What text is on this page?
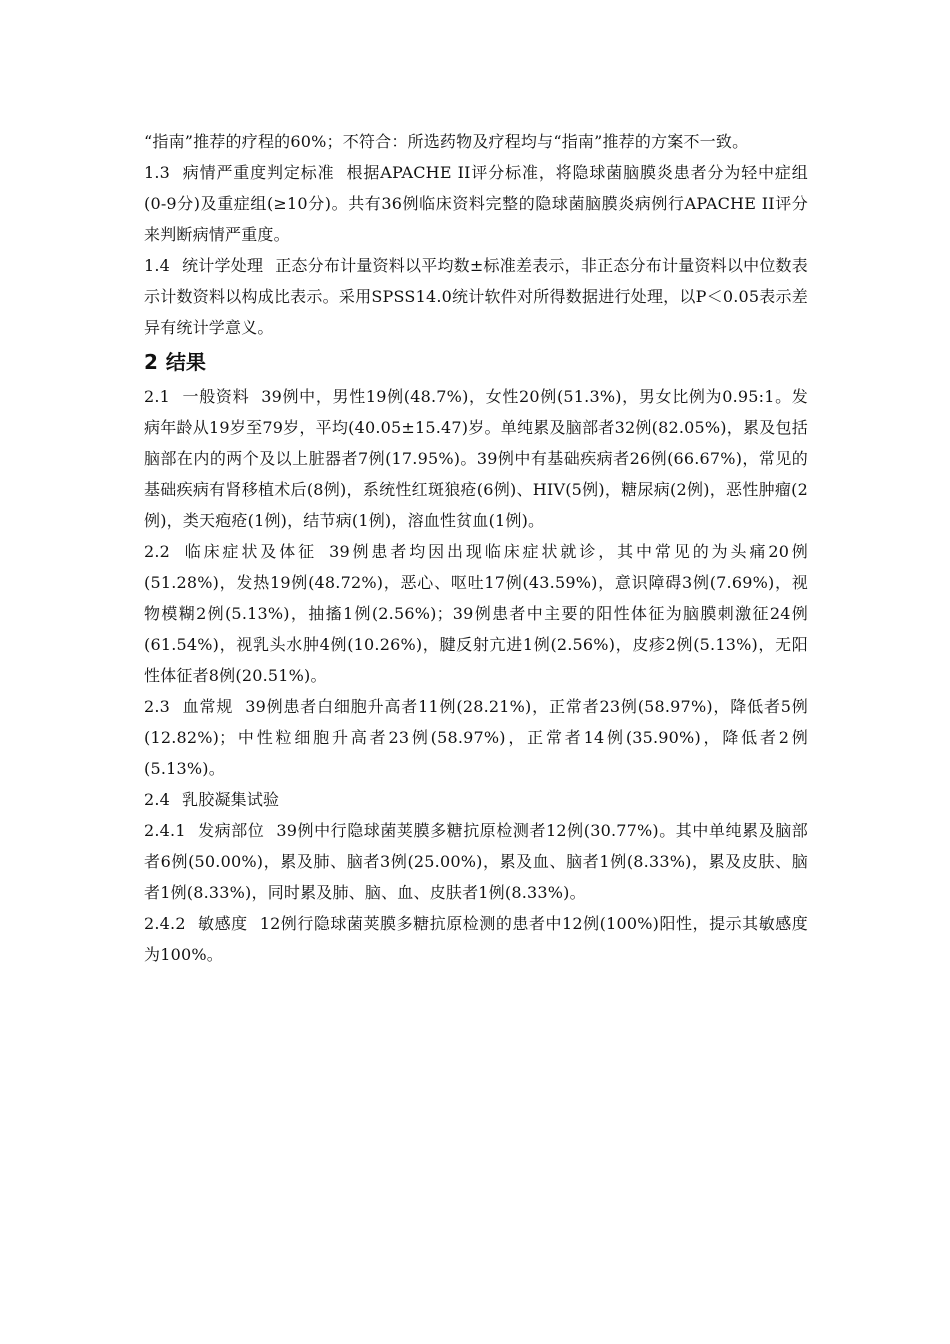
“指南”推荐的疗程的60%；不符合：所选药物及疗程均与“指南”推荐的方案不一致。

1.3 病情严重度判定标准 根据APACHE II评分标准，将隐球菌脑膜炎患者分为轻中症组(0-9分)及重症组(≥10分)。共有36例临床资料完整的隐球菌脑膜炎病例行APACHE II评分来判断病情严重度。

1.4 统计学处理 正态分布计量资料以平均数±标准差表示，非正态分布计量资料以中位数表示计数资料以构成比表示。采用SPSS14.0统计软件对所得数据进行处理，以P＜0.05表示差异有统计学意义。

2 结果

2.1 一般资料 39例中，男性19例(48.7%)，女性20例(51.3%)，男女比例为0.95:1。发病年龄从19岁至79岁，平均(40.05±15.47)岁。单纯累及脑部者32例(82.05%)，累及包括脑部在内的两个及以上脏器者7例(17.95%)。39例中有基础疾病者26例(66.67%)，常见的基础疾病有肾移植术后(8例)，系统性红斑狼疮(6例)、HIV(5例)，糖尿病(2例)，恶性肿瘤(2例)，类天疱疮(1例)，结节病(1例)，溶血性贫血(1例)。

2.2 临床症状及体征 39例患者均因出现临床症状就诊，其中常见的为头痛20例(51.28%)，发热19例(48.72%)，恶心、呕吐17例(43.59%)，意识障碍3例(7.69%)，视物模糊2例(5.13%)，抽搐1例(2.56%)；39例患者中主要的阳性体征为脑膜刺激征24例(61.54%)，视乳头水肿4例(10.26%)，腱反射亢进1例(2.56%)，皮疹2例(5.13%)，无阳性体征者8例(20.51%)。

2.3 血常规 39例患者白细胞升高者11例(28.21%)，正常者23例(58.97%)，降低者5例(12.82%)；中性粒细胞升高者23例(58.97%)，正常者14例(35.90%)，降低者2例(5.13%)。

2.4 乳胶凝集试验

2.4.1 发病部位 39例中行隐球菌荚膜多糖抗原检测者12例(30.77%)。其中单纯累及脑部者6例(50.00%)，累及肺、脑者3例(25.00%)，累及血、脑者1例(8.33%)，累及皮肤、脑者1例(8.33%)，同时累及肺、脑、血、皮肤者1例(8.33%)。

2.4.2 敏感度 12例行隐球菌荚膜多糖抗原检测的患者中12例(100%)阳性，提示其敏感度为100%。
